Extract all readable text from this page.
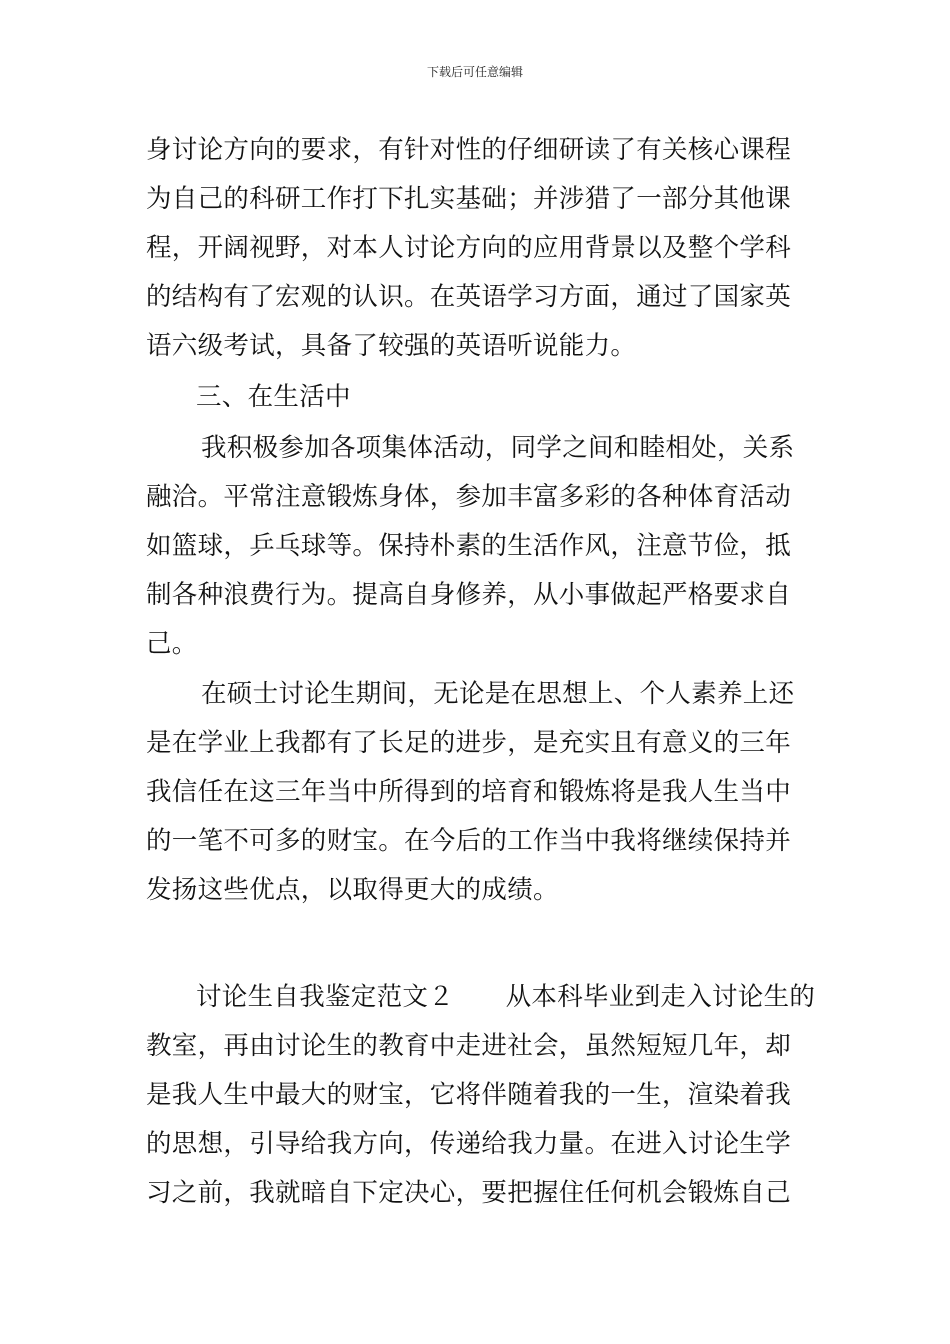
下载后可任意编辑
身讨论方向的要求，有针对性的仔细研读了有关核心课程
为自己的科研工作打下扎实基础；并涉猎了一部分其他课
程，开阔视野，对本人讨论方向的应用背景以及整个学科
的结构有了宏观的认识。在英语学习方面，通过了国家英
语六级考试，具备了较强的英语听说能力。
三、在生活中
我积极参加各项集体活动，同学之间和睦相处，关系
融洽。平常注意锻炼身体，参加丰富多彩的各种体育活动
如篮球，乒乓球等。保持朴素的生活作风，注意节俭，抵
制各种浪费行为。提高自身修养，从小事做起严格要求自
己。
在硕士讨论生期间，无论是在思想上、个人素养上还
是在学业上我都有了长足的进步，是充实且有意义的三年
我信任在这三年当中所得到的培育和锻炼将是我人生当中
的一笔不可多的财宝。在今后的工作当中我将继续保持并
发扬这些优点，以取得更大的成绩。
讨论生自我鉴定范文２　　从本科毕业到走入讨论生的
教室，再由讨论生的教育中走进社会，虽然短短几年，却
是我人生中最大的财宝，它将伴随着我的一生，渲染着我
的思想，引导给我方向，传递给我力量。在进入讨论生学
习之前，我就暗自下定决心，要把握住任何机会锻炼自己
